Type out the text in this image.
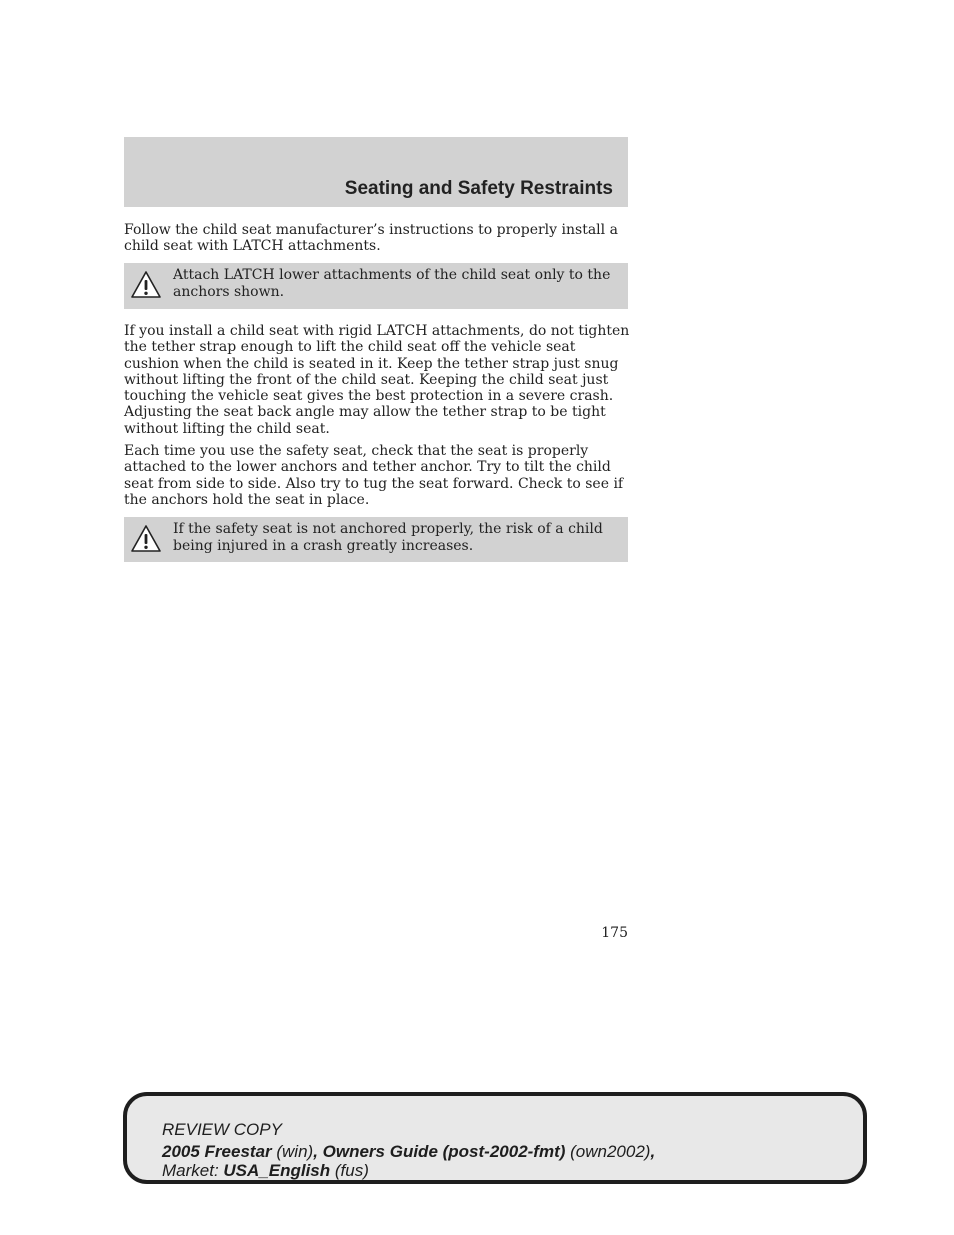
Seating and Safety Restraints

Follow the child seat manufacturer’s instructions to properly install a child seat with LATCH attachments.

Attach LATCH lower attachments of the child seat only to the anchors shown.

If you install a child seat with rigid LATCH attachments, do not tighten the tether strap enough to lift the child seat off the vehicle seat cushion when the child is seated in it. Keep the tether strap just snug without lifting the front of the child seat. Keeping the child seat just touching the vehicle seat gives the best protection in a severe crash. Adjusting the seat back angle may allow the tether strap to be tight without lifting the child seat.

Each time you use the safety seat, check that the seat is properly attached to the lower anchors and tether anchor. Try to tilt the child seat from side to side. Also try to tug the seat forward. Check to see if the anchors hold the seat in place.

If the safety seat is not anchored properly, the risk of a child being injured in a crash greatly increases.
175
REVIEW COPY
2005 Freestar (win), Owners Guide (post-2002-fmt) (own2002),
Market: USA_English (fus)
